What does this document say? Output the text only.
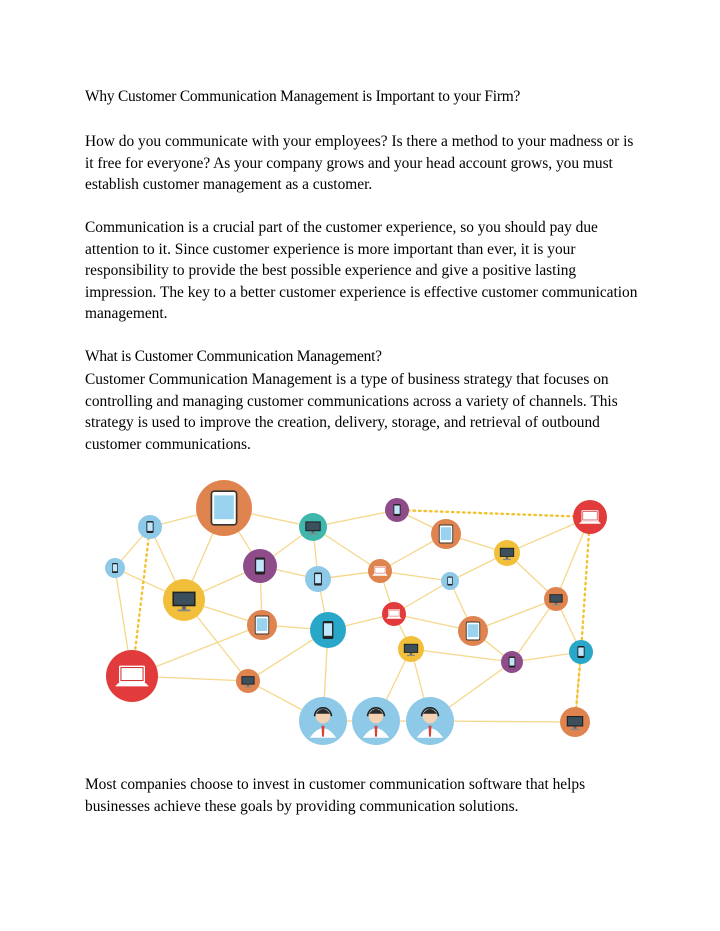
Why Customer Communication Management is Important to your Firm?

How do you communicate with your employees? Is there a method to your madness or is it free for everyone? As your company grows and your head account grows, you must establish customer management as a customer.

Communication is a crucial part of the customer experience, so you should pay due attention to it. Since customer experience is more important than ever, it is your responsibility to provide the best possible experience and give a positive lasting impression. The key to a better customer experience is effective customer communication management.

What is Customer Communication Management?

Customer Communication Management is a type of business strategy that focuses on controlling and managing customer communications across a variety of channels. This strategy is used to improve the creation, delivery, storage, and retrieval of outbound customer communications.

Most companies choose to invest in customer communication software that helps businesses achieve these goals by providing communication solutions.
